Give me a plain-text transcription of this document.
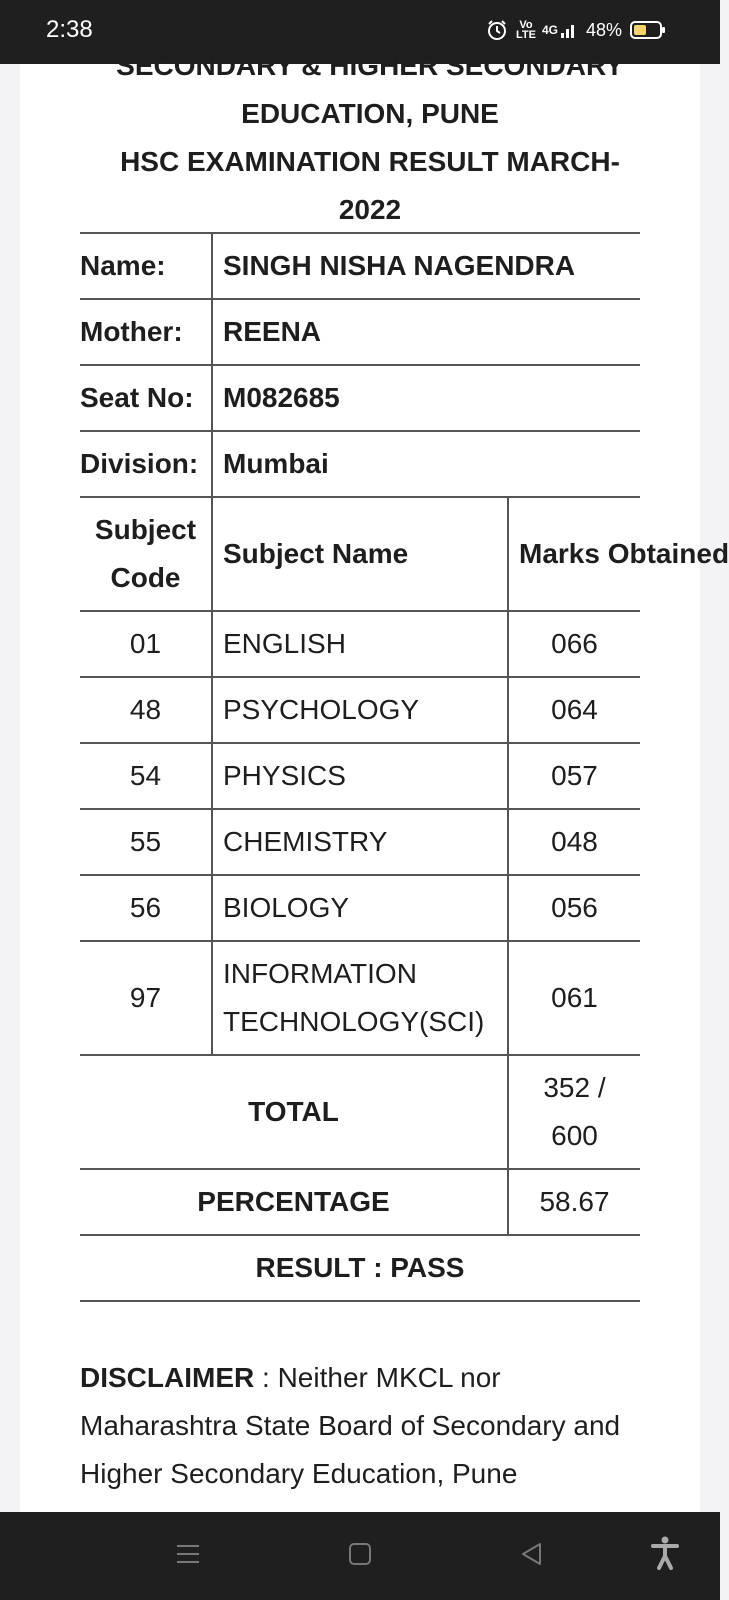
2:38	Vo LTE 4G 48%
SECONDARY & HIGHER SECONDARY
EDUCATION, PUNE
HSC EXAMINATION RESULT MARCH-
2022
Name:	SINGH NISHA NAGENDRA	
Mother:	REENA	
Seat No:	M082685	
Division:	Mumbai	
Subject Code	Subject Name	Marks Obtained

01	ENGLISH	066
48	PSYCHOLOGY	064
54	PHYSICS	057
55	CHEMISTRY	048
56	BIOLOGY	056
97	INFORMATION TECHNOLOGY(SCI)	061
TOTAL		352 / 600
PERCENTAGE		58.67
RESULT : PASS		
DISCLAIMER : Neither MKCL nor Maharashtra State Board of Secondary and Higher Secondary Education, Pune
